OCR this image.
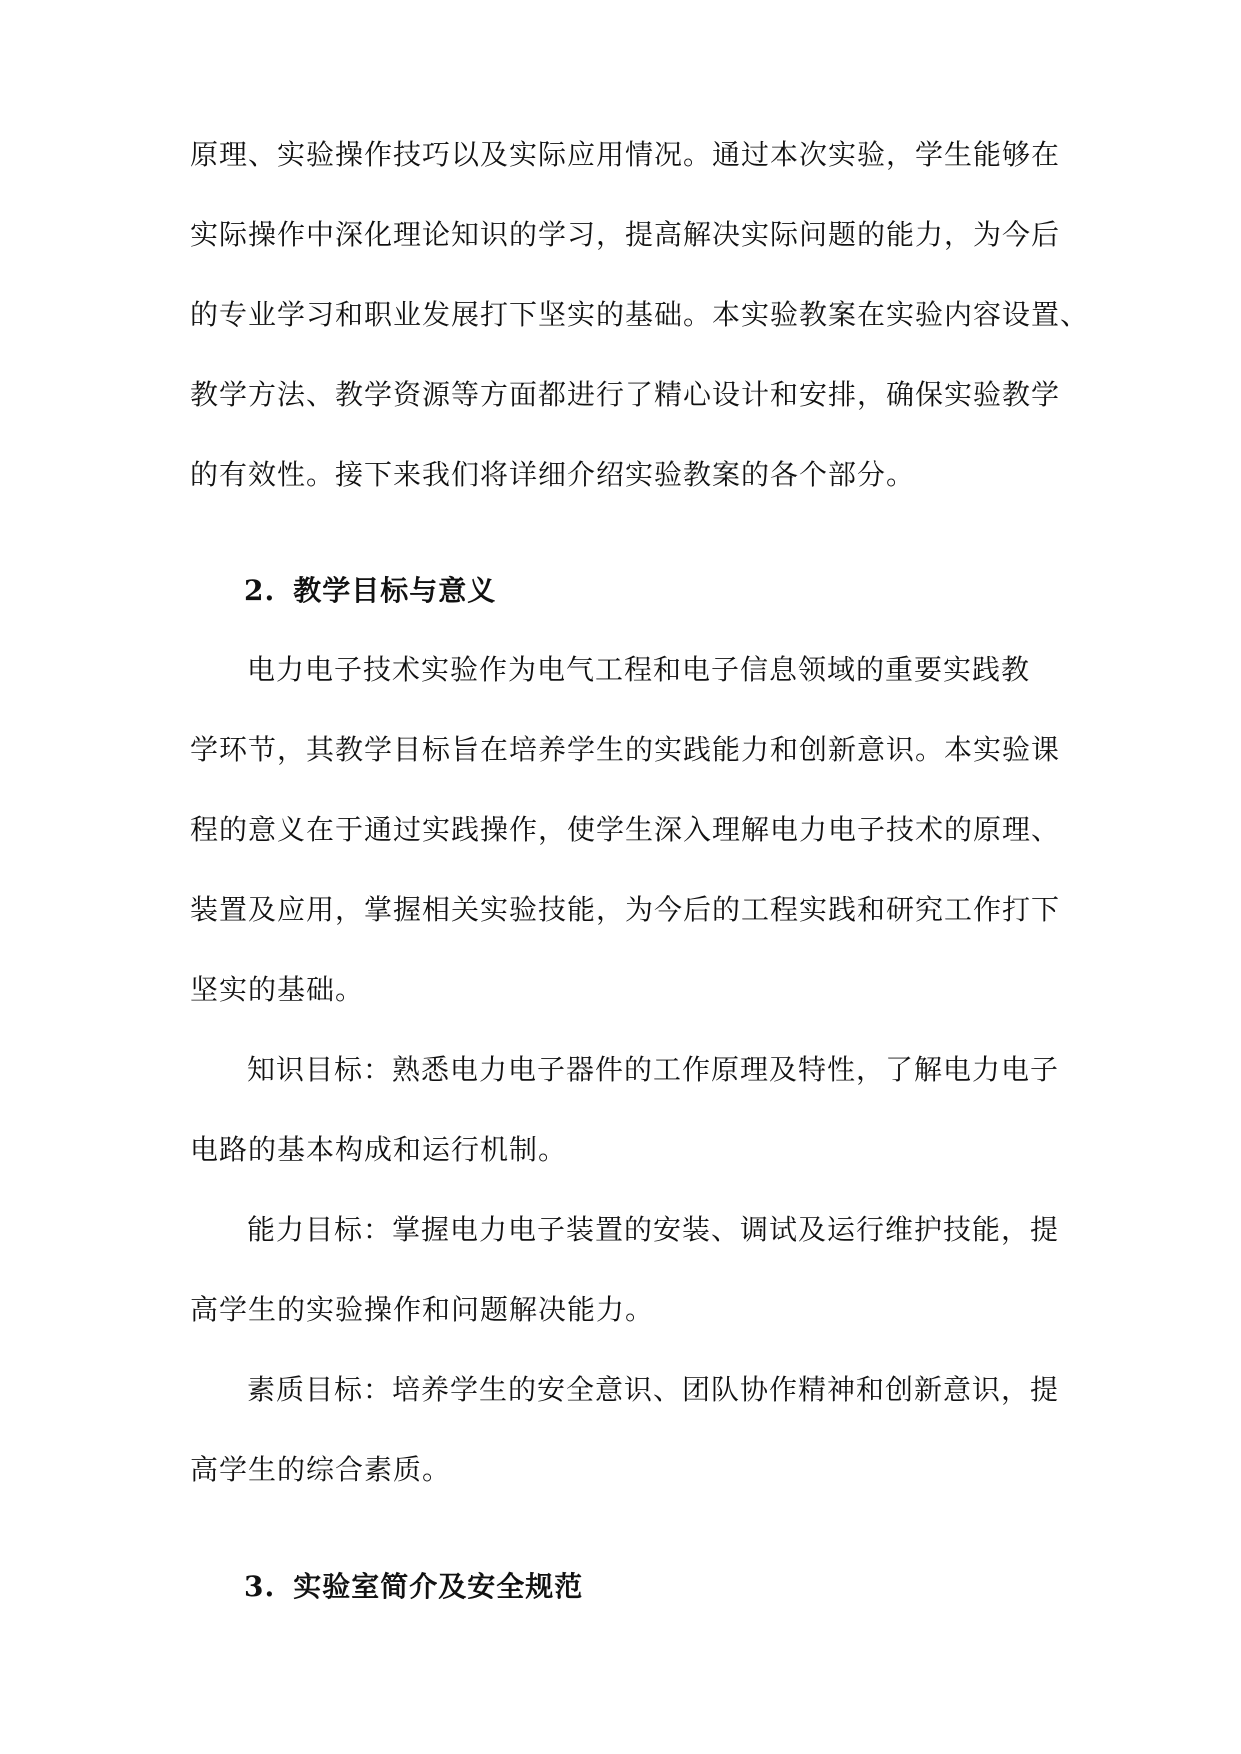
原理、实验操作技巧以及实际应用情况。通过本次实验，学生能够在
实际操作中深化理论知识的学习，提高解决实际问题的能力，为今后
的专业学习和职业发展打下坚实的基础。本实验教案在实验内容设置、
教学方法、教学资源等方面都进行了精心设计和安排，确保实验教学
的有效性。接下来我们将详细介绍实验教案的各个部分。
2. 教学目标与意义
电力电子技术实验作为电气工程和电子信息领域的重要实践教
学环节，其教学目标旨在培养学生的实践能力和创新意识。本实验课
程的意义在于通过实践操作，使学生深入理解电力电子技术的原理、
装置及应用，掌握相关实验技能，为今后的工程实践和研究工作打下
坚实的基础。
知识目标：熟悉电力电子器件的工作原理及特性，了解电力电子
电路的基本构成和运行机制。
能力目标：掌握电力电子装置的安装、调试及运行维护技能，提
高学生的实验操作和问题解决能力。
素质目标：培养学生的安全意识、团队协作精神和创新意识，提
高学生的综合素质。
3. 实验室简介及安全规范
